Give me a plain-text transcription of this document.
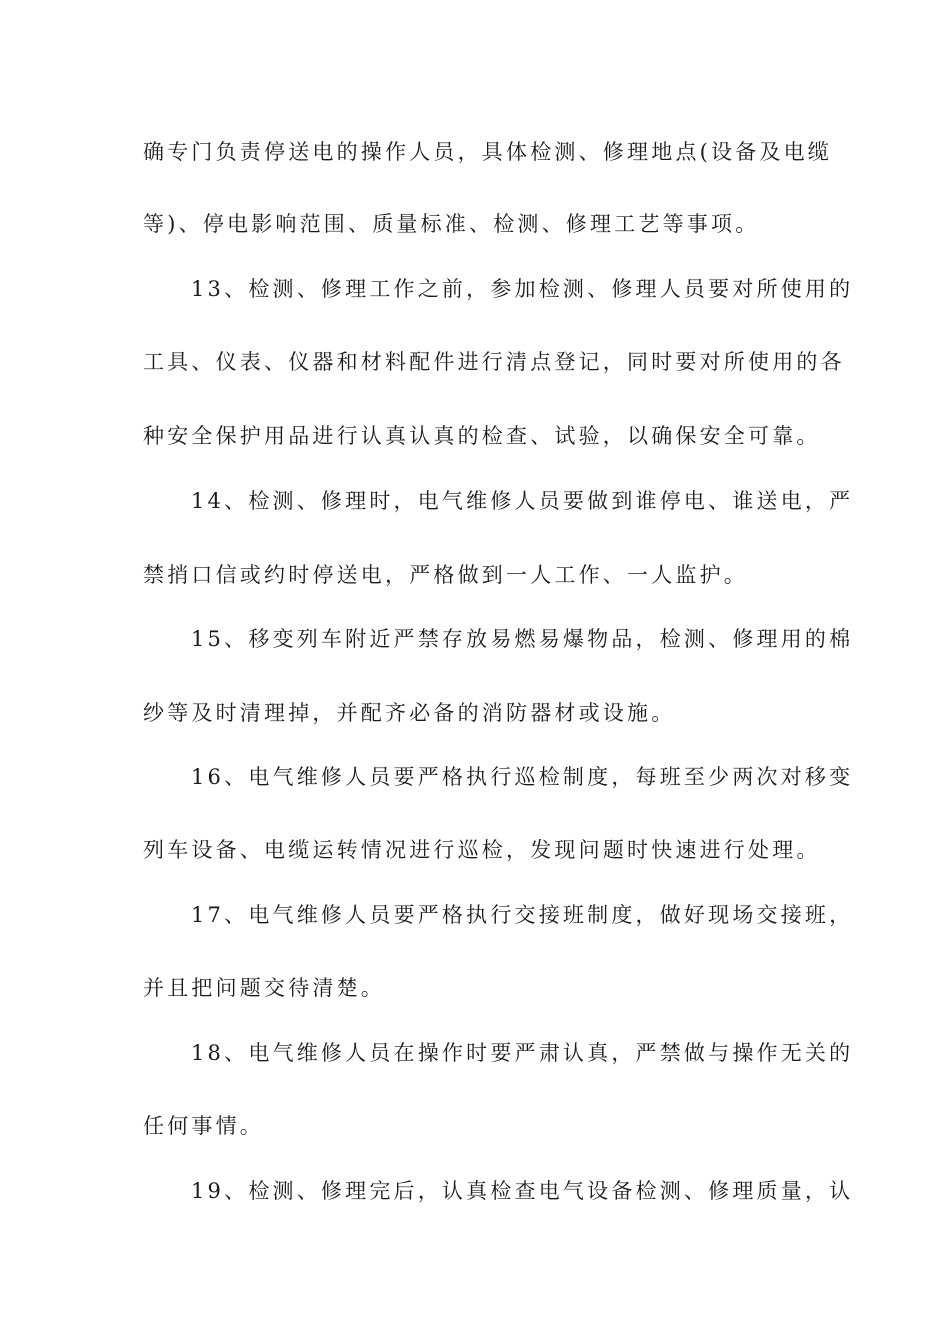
确专门负责停送电的操作人员，具体检测、修理地点(设备及电缆
等)、停电影响范围、质量标准、检测、修理工艺等事项。
13、检测、修理工作之前，参加检测、修理人员要对所使用的
工具、仪表、仪器和材料配件进行清点登记，同时要对所使用的各
种安全保护用品进行认真认真的检查、试验，以确保安全可靠。
14、检测、修理时，电气维修人员要做到谁停电、谁送电，严
禁捎口信或约时停送电，严格做到一人工作、一人监护。
15、移变列车附近严禁存放易燃易爆物品，检测、修理用的棉
纱等及时清理掉，并配齐必备的消防器材或设施。
16、电气维修人员要严格执行巡检制度，每班至少两次对移变
列车设备、电缆运转情况进行巡检，发现问题时快速进行处理。
17、电气维修人员要严格执行交接班制度，做好现场交接班，
并且把问题交待清楚。
18、电气维修人员在操作时要严肃认真，严禁做与操作无关的
任何事情。
19、检测、修理完后，认真检查电气设备检测、修理质量，认
